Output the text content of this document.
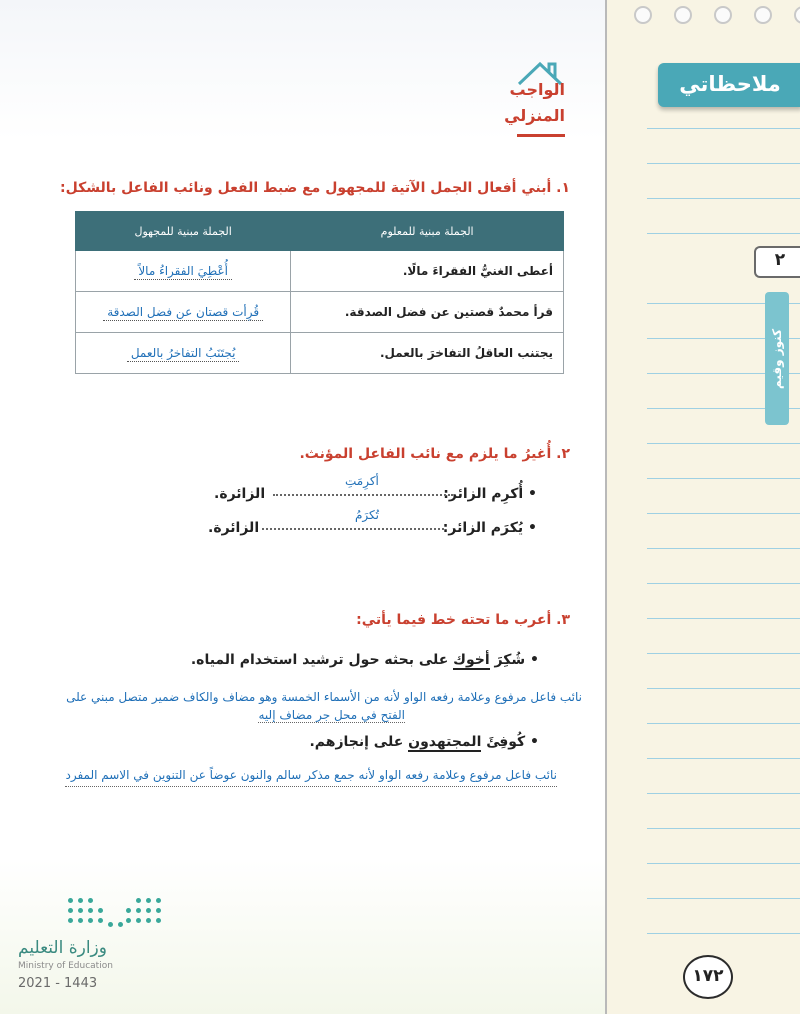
الواجب
المنزلي
١. أبني أفعال الجمل الآتية للمجهول مع ضبط الفعل ونائب الفاعل بالشكل:
الجملة مبنية للمعلوم	الجملة مبنية للمجهول
أعطى الغنيُّ الفقراءَ مالًا.	أُعْطِيَ الفقراءُ مالاً
قرأ محمدٌ قصتين عن فضل الصدقة.	قُرِأت قصتان عن فضل الصدقة
يجتنب العاقلُ التفاخرَ بالعمل.	يُجتَنَبُ التفاخرُ بالعمل
٢. أُغيرُ ما يلزم مع نائب الفاعل المؤنث.
• أُكرِم الزائر:
أكرِمَتِ
الزائرة.
• يُكرَم الزائر:
تُكرَمُ
الزائرة.
٣. أعرب ما تحته خط فيما يأتي:
• شُكِرَ أخوك على بحثه حول ترشيد استخدام المياه.
نائب فاعل مرفوع وعلامة رفعه الواو لأنه من الأسماء الخمسة وهو مضاف والكاف ضمير متصل مبني على
الفتح في محل جر مضاف إليه
• كُوفِئَ المجتهدون على إنجازهم.
نائب فاعل مرفوع وعلامة رفعه الواو لأنه جمع مذكر سالم والنون عوضاً عن التنوين في الاسم المفرد
وزارة التعليم
Ministry of Education
2021 - 1443
ملاحظاتي
٢
كنوز وقيم
١٧٢
